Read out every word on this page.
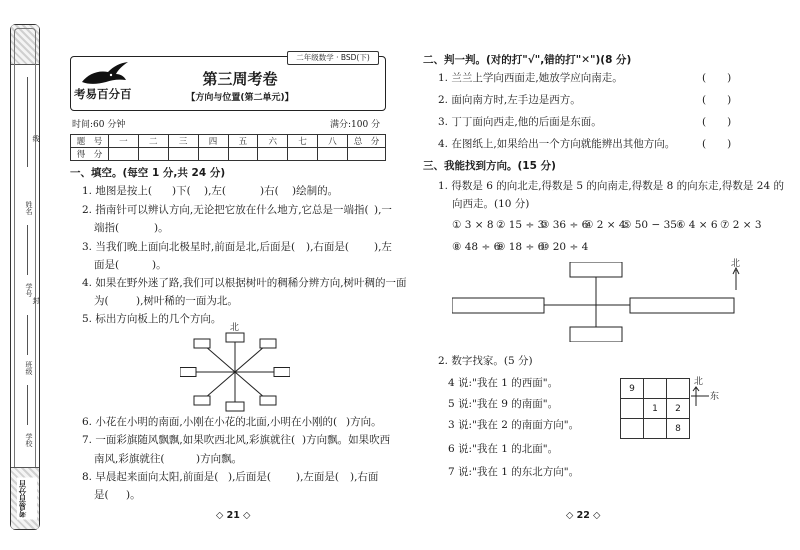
姓名
线
学号
封
班级
学校
考易百分百
二年级数学 · BSD(下)
考易百分百
第三周考卷
【方向与位置(第二单元)】
时间:60 分钟	满分:100 分
题　号	一	二	三	四	五	六	七	八	总　分
得　分									
一、填空。(每空 1 分,共 24 分)
1. 地图是按上( )下( ),左(	)右( )绘制的。
2. 指南针可以辨认方向,无论把它放在什么地方,它总是一端指( ),一
端指(	)。
3. 当我们晚上面向北极星时,前面是北,后面是( ),右面是( ),左
面是(	)。
4. 如果在野外迷了路,我们可以根据树叶的稠稀分辨方向,树叶稠的一面
为(	),树叶稀的一面为北。
5. 标出方向板上的几个方向。
北
6. 小花在小明的南面,小刚在小花的北面,小明在小刚的( )方向。
7. 一面彩旗随风飘飘,如果吹西北风,彩旗就往( )方向飘。如果吹西
南风,彩旗就往(	)方向飘。
8. 早晨起来面向太阳,前面是( ),后面是( ),左面是( ),右面
是( )。
◇ 21 ◇
二、判一判。(对的打"√",错的打"✕")(8 分)
1. 兰兰上学向西面走,她放学应向南走。	(　　)
2. 面向南方时,左手边是西方。	(　　)
3. 丁丁面向西走,他的后面是东面。	(　　)
4. 在图纸上,如果给出一个方向就能辨出其他方向。	(　　)
三、我能找到方向。(15 分)
1. 得数是 6 的向北走,得数是 5 的向南走,得数是 8 的向东走,得数是 24 的
向西走。(10 分)
① 3 × 8 ② 15 ÷ 3
③ 36 ÷ 6
④ 2 × 4
⑤ 50 − 35 ⑥ 4 × 6 ⑦ 2 × 3
⑧ 48 ÷ 6
⑨ 18 ÷ 6
⑩ 20 ÷ 4
北
2. 数字找家。(5 分)
4 说:"我在 1 的西面"。
5 说:"我在 9 的南面"。
3 说:"我在 2 的南面方向"。
6 说:"我在 1 的北面"。
7 说:"我在 1 的东北方向"。
9		
	1	2
		8
北
东
◇ 22 ◇
